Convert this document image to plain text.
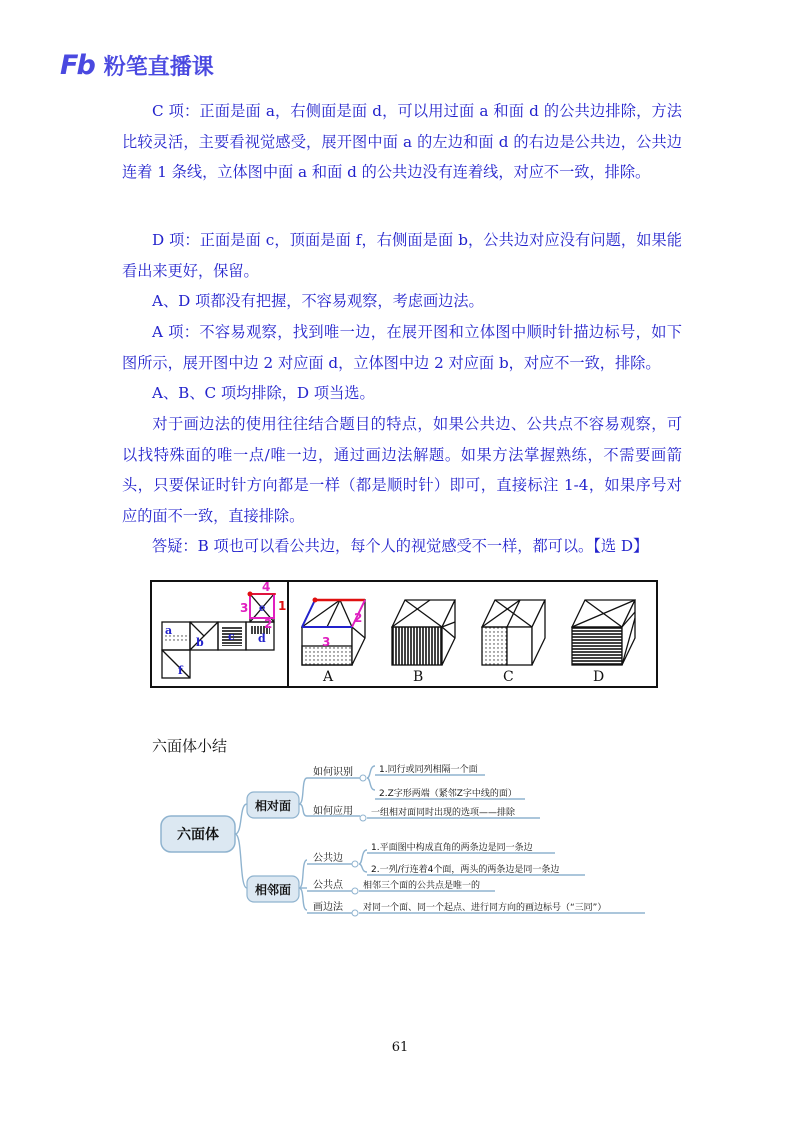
Fb 粉笔直播课

C 项：正面是面 a，右侧面是面 d，可以用过面 a 和面 d 的公共边排除，方法比较灵活，主要看视觉感受，展开图中面 a 的左边和面 d 的右边是公共边，公共边连着 1 条线，立体图中面 a 和面 d 的公共边没有连着线，对应不一致，排除。

D 项：正面是面 c，顶面是面 f，右侧面是面 b，公共边对应没有问题，如果能看出来更好，保留。

A、D 项都没有把握，不容易观察，考虑画边法。

A 项：不容易观察，找到唯一边，在展开图和立体图中顺时针描边标号，如下图所示，展开图中边 2 对应面 d，立体图中边 2 对应面 b，对应不一致，排除。

A、B、C 项均排除，D 项当选。

对于画边法的使用往往结合题目的特点，如果公共边、公共点不容易观察，可以找特殊面的唯一点/唯一边，通过画边法解题。如果方法掌握熟练，不需要画箭头，只要保证时针方向都是一样（都是顺时针）即可，直接标注 1-4，如果序号对应的面不一致，直接排除。

答疑：B 项也可以看公共边，每个人的视觉感受不一样，都可以。【选 D】

a
b c d
e
f
4
3 1
2
3
2
A	B	C	D
六面体小结
六面体
相对面
相邻面
如何识别
如何应用
1.同行或同列相隔一个面
2.Z字形两端（紧邻Z字中线的面）
一组相对面同时出现的选项——排除
公共边
公共点
画边法
1.平面图中构成直角的两条边是同一条边
2.一列/行连着4个面，两头的两条边是同一条边
相邻三个面的公共点是唯一的
对同一个面、同一个起点、进行同方向的画边标号（“三同”）
61
